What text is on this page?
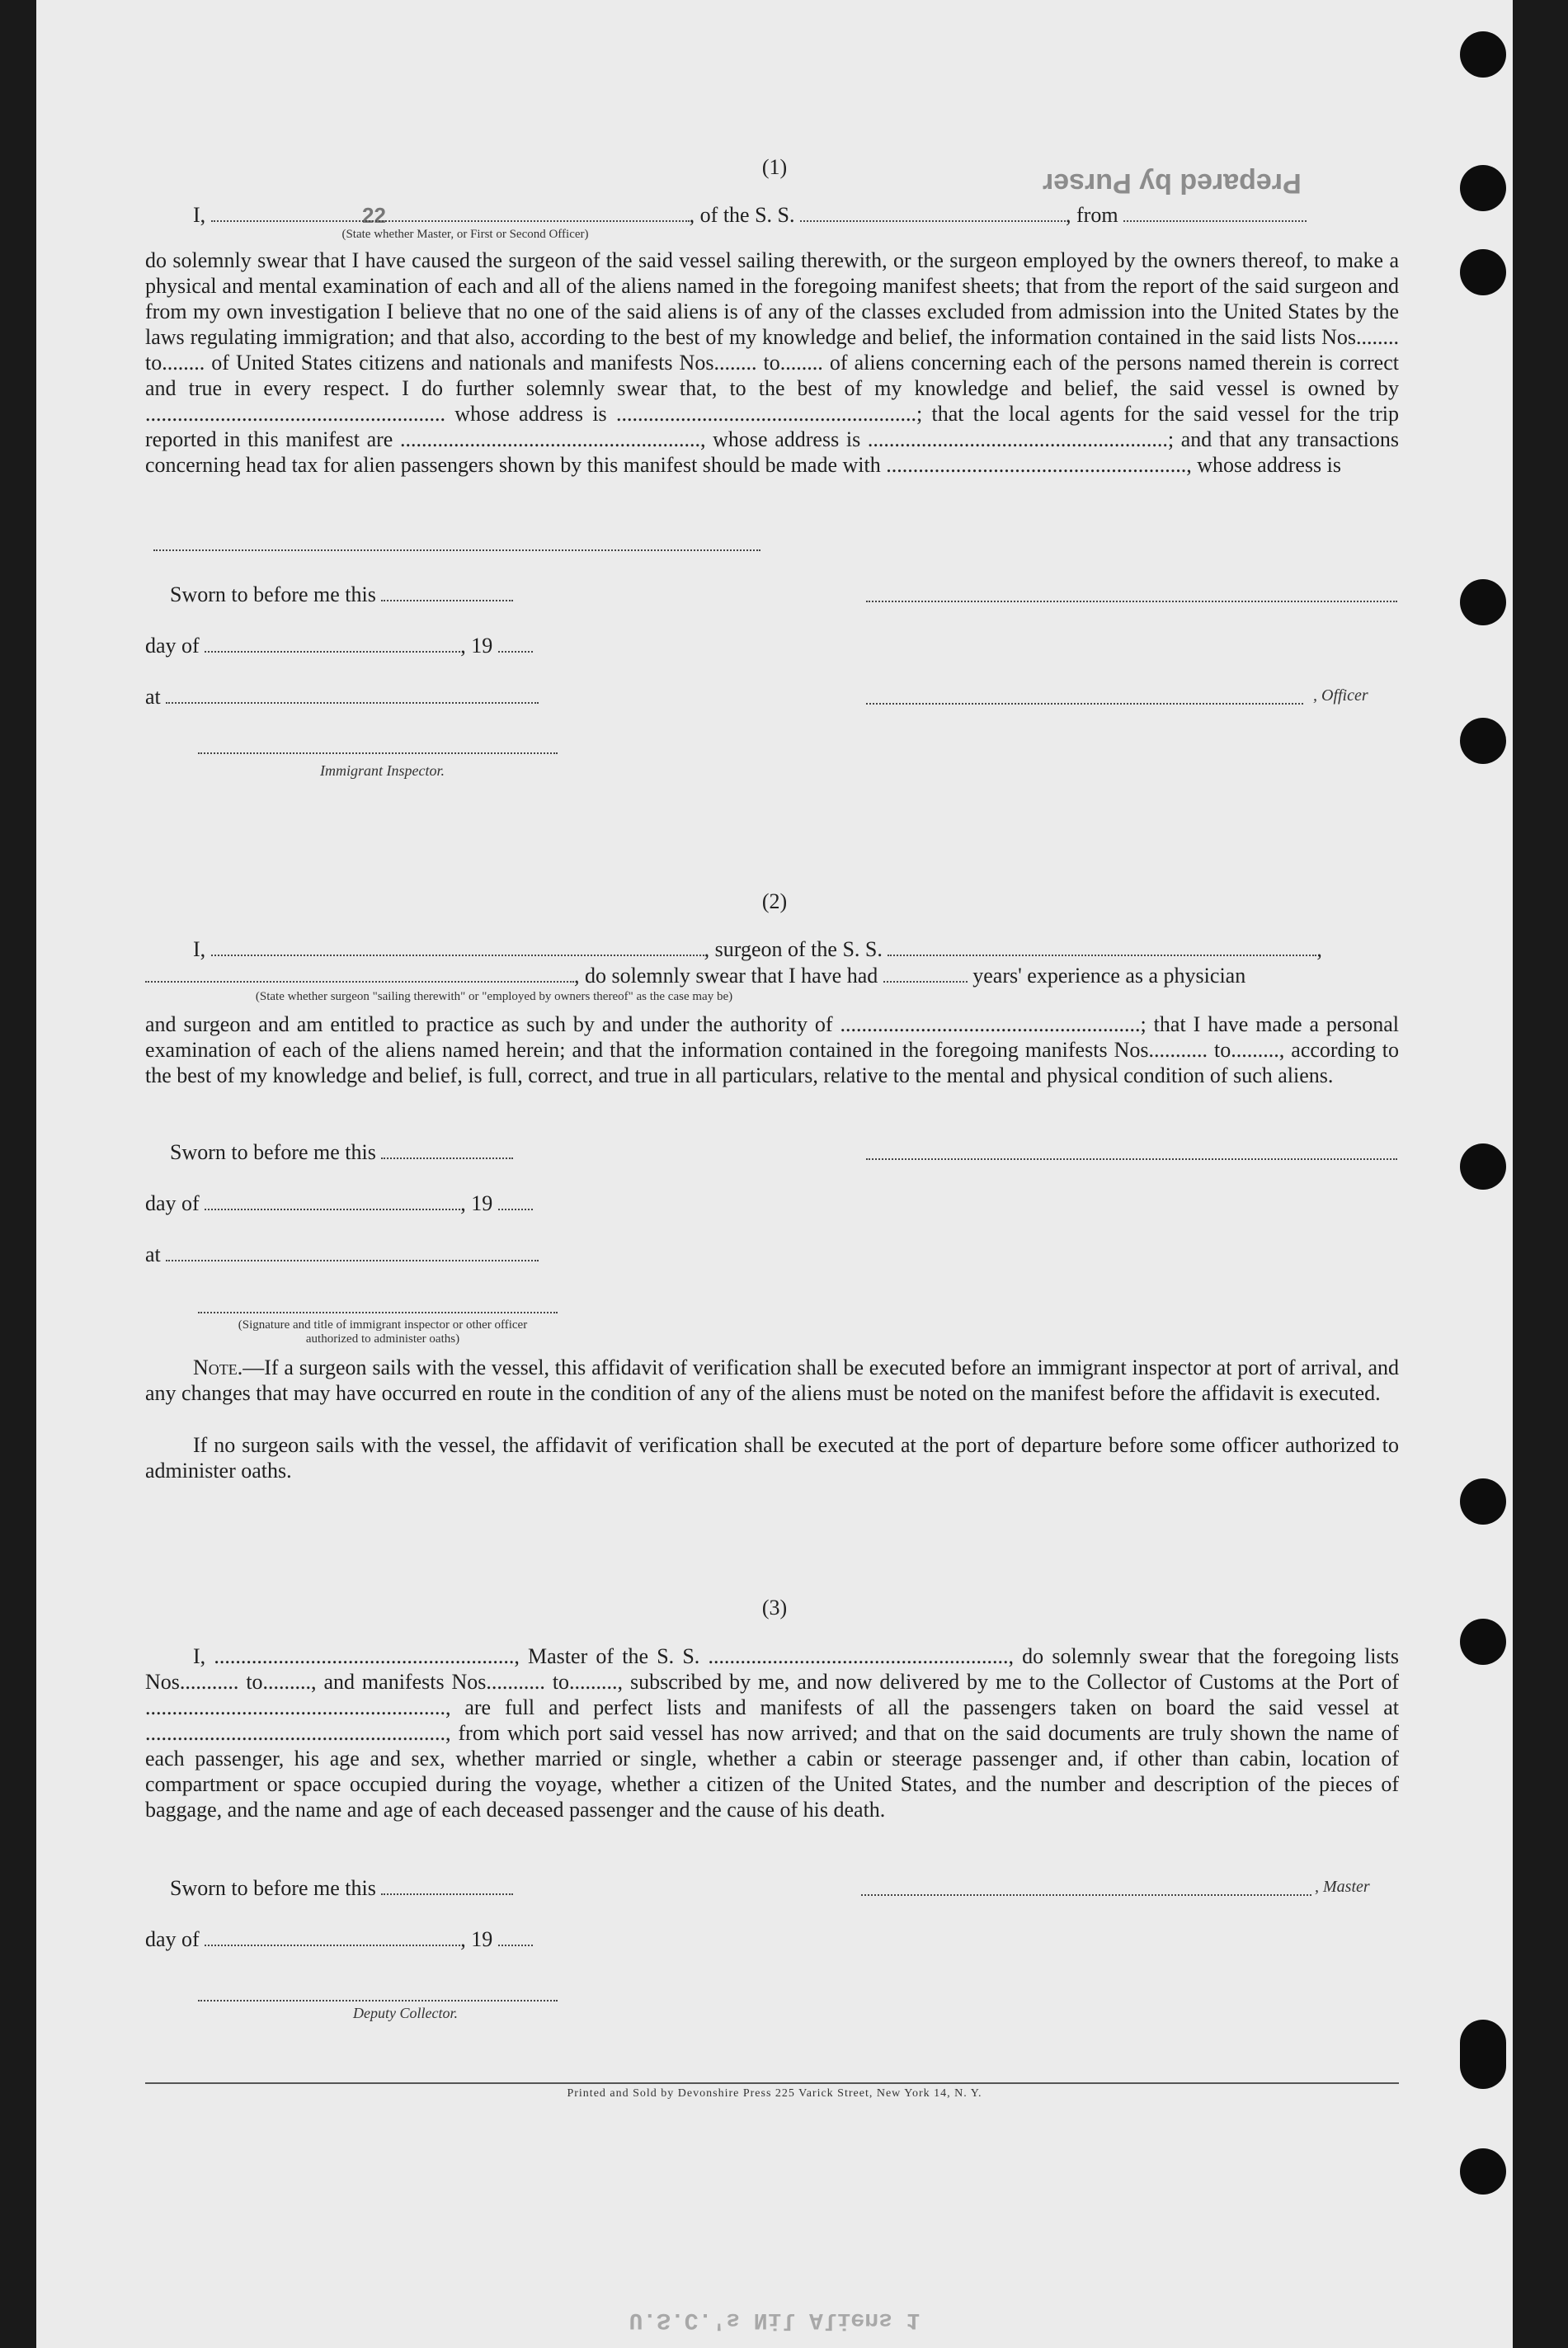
Prepared by Purser
22
U.S.C.'s Nil Aliens 1
(1)
I,	, of the S. S.	, from
(State whether Master, or First or Second Officer)
do solemnly swear that I have caused the surgeon of the said vessel sailing therewith, or the surgeon employed by the owners thereof, to make a physical and mental examination of each and all of the aliens named in the foregoing manifest sheets; that from the report of the said surgeon and from my own investigation I believe that no one of the said aliens is of any of the classes excluded from admission into the United States by the laws regulating immigration; and that also, according to the best of my knowledge and belief, the information contained in the said lists Nos........ to........ of United States citizens and nationals and manifests Nos........ to........ of aliens concerning each of the persons named therein is correct and true in every respect. I do further solemnly swear that, to the best of my knowledge and belief, the said vessel is owned by ........................................................ whose address is ........................................................; that the local agents for the said vessel for the trip reported in this manifest are ........................................................, whose address is ........................................................; and that any transactions concerning head tax for alien passengers shown by this manifest should be made with ........................................................, whose address is
Sworn to before me this
day of	, 19
at	, Officer
Immigrant Inspector.
(2)
I,	, surgeon of the S. S.	,
, do solemnly swear that I have had	years' experience as a physician
(State whether surgeon "sailing therewith" or "employed by owners thereof" as the case may be)
and surgeon and am entitled to practice as such by and under the authority of ........................................................; that I have made a personal examination of each of the aliens named herein; and that the information contained in the foregoing manifests Nos........... to........., according to the best of my knowledge and belief, is full, correct, and true in all particulars, relative to the mental and physical condition of such aliens.
Sworn to before me this
day of	, 19
at
(Signature and title of immigrant inspector or other officer authorized to administer oaths)
Note.—If a surgeon sails with the vessel, this affidavit of verification shall be executed before an immigrant inspector at port of arrival, and any changes that may have occurred en route in the condition of any of the aliens must be noted on the manifest before the affidavit is executed.
If no surgeon sails with the vessel, the affidavit of verification shall be executed at the port of departure before some officer authorized to administer oaths.
(3)
I, ........................................................, Master of the S. S. ........................................................, do solemnly swear that the foregoing lists Nos........... to........., and manifests Nos........... to........., subscribed by me, and now delivered by me to the Collector of Customs at the Port of ........................................................, are full and perfect lists and manifests of all the passengers taken on board the said vessel at ........................................................, from which port said vessel has now arrived; and that on the said documents are truly shown the name of each passenger, his age and sex, whether married or single, whether a cabin or steerage passenger and, if other than cabin, location of compartment or space occupied during the voyage, whether a citizen of the United States, and the number and description of the pieces of baggage, and the name and age of each deceased passenger and the cause of his death.
Sworn to before me this	, Master
day of	, 19
Deputy Collector.
Printed and Sold by Devonshire Press 225 Varick Street, New York 14, N. Y.
